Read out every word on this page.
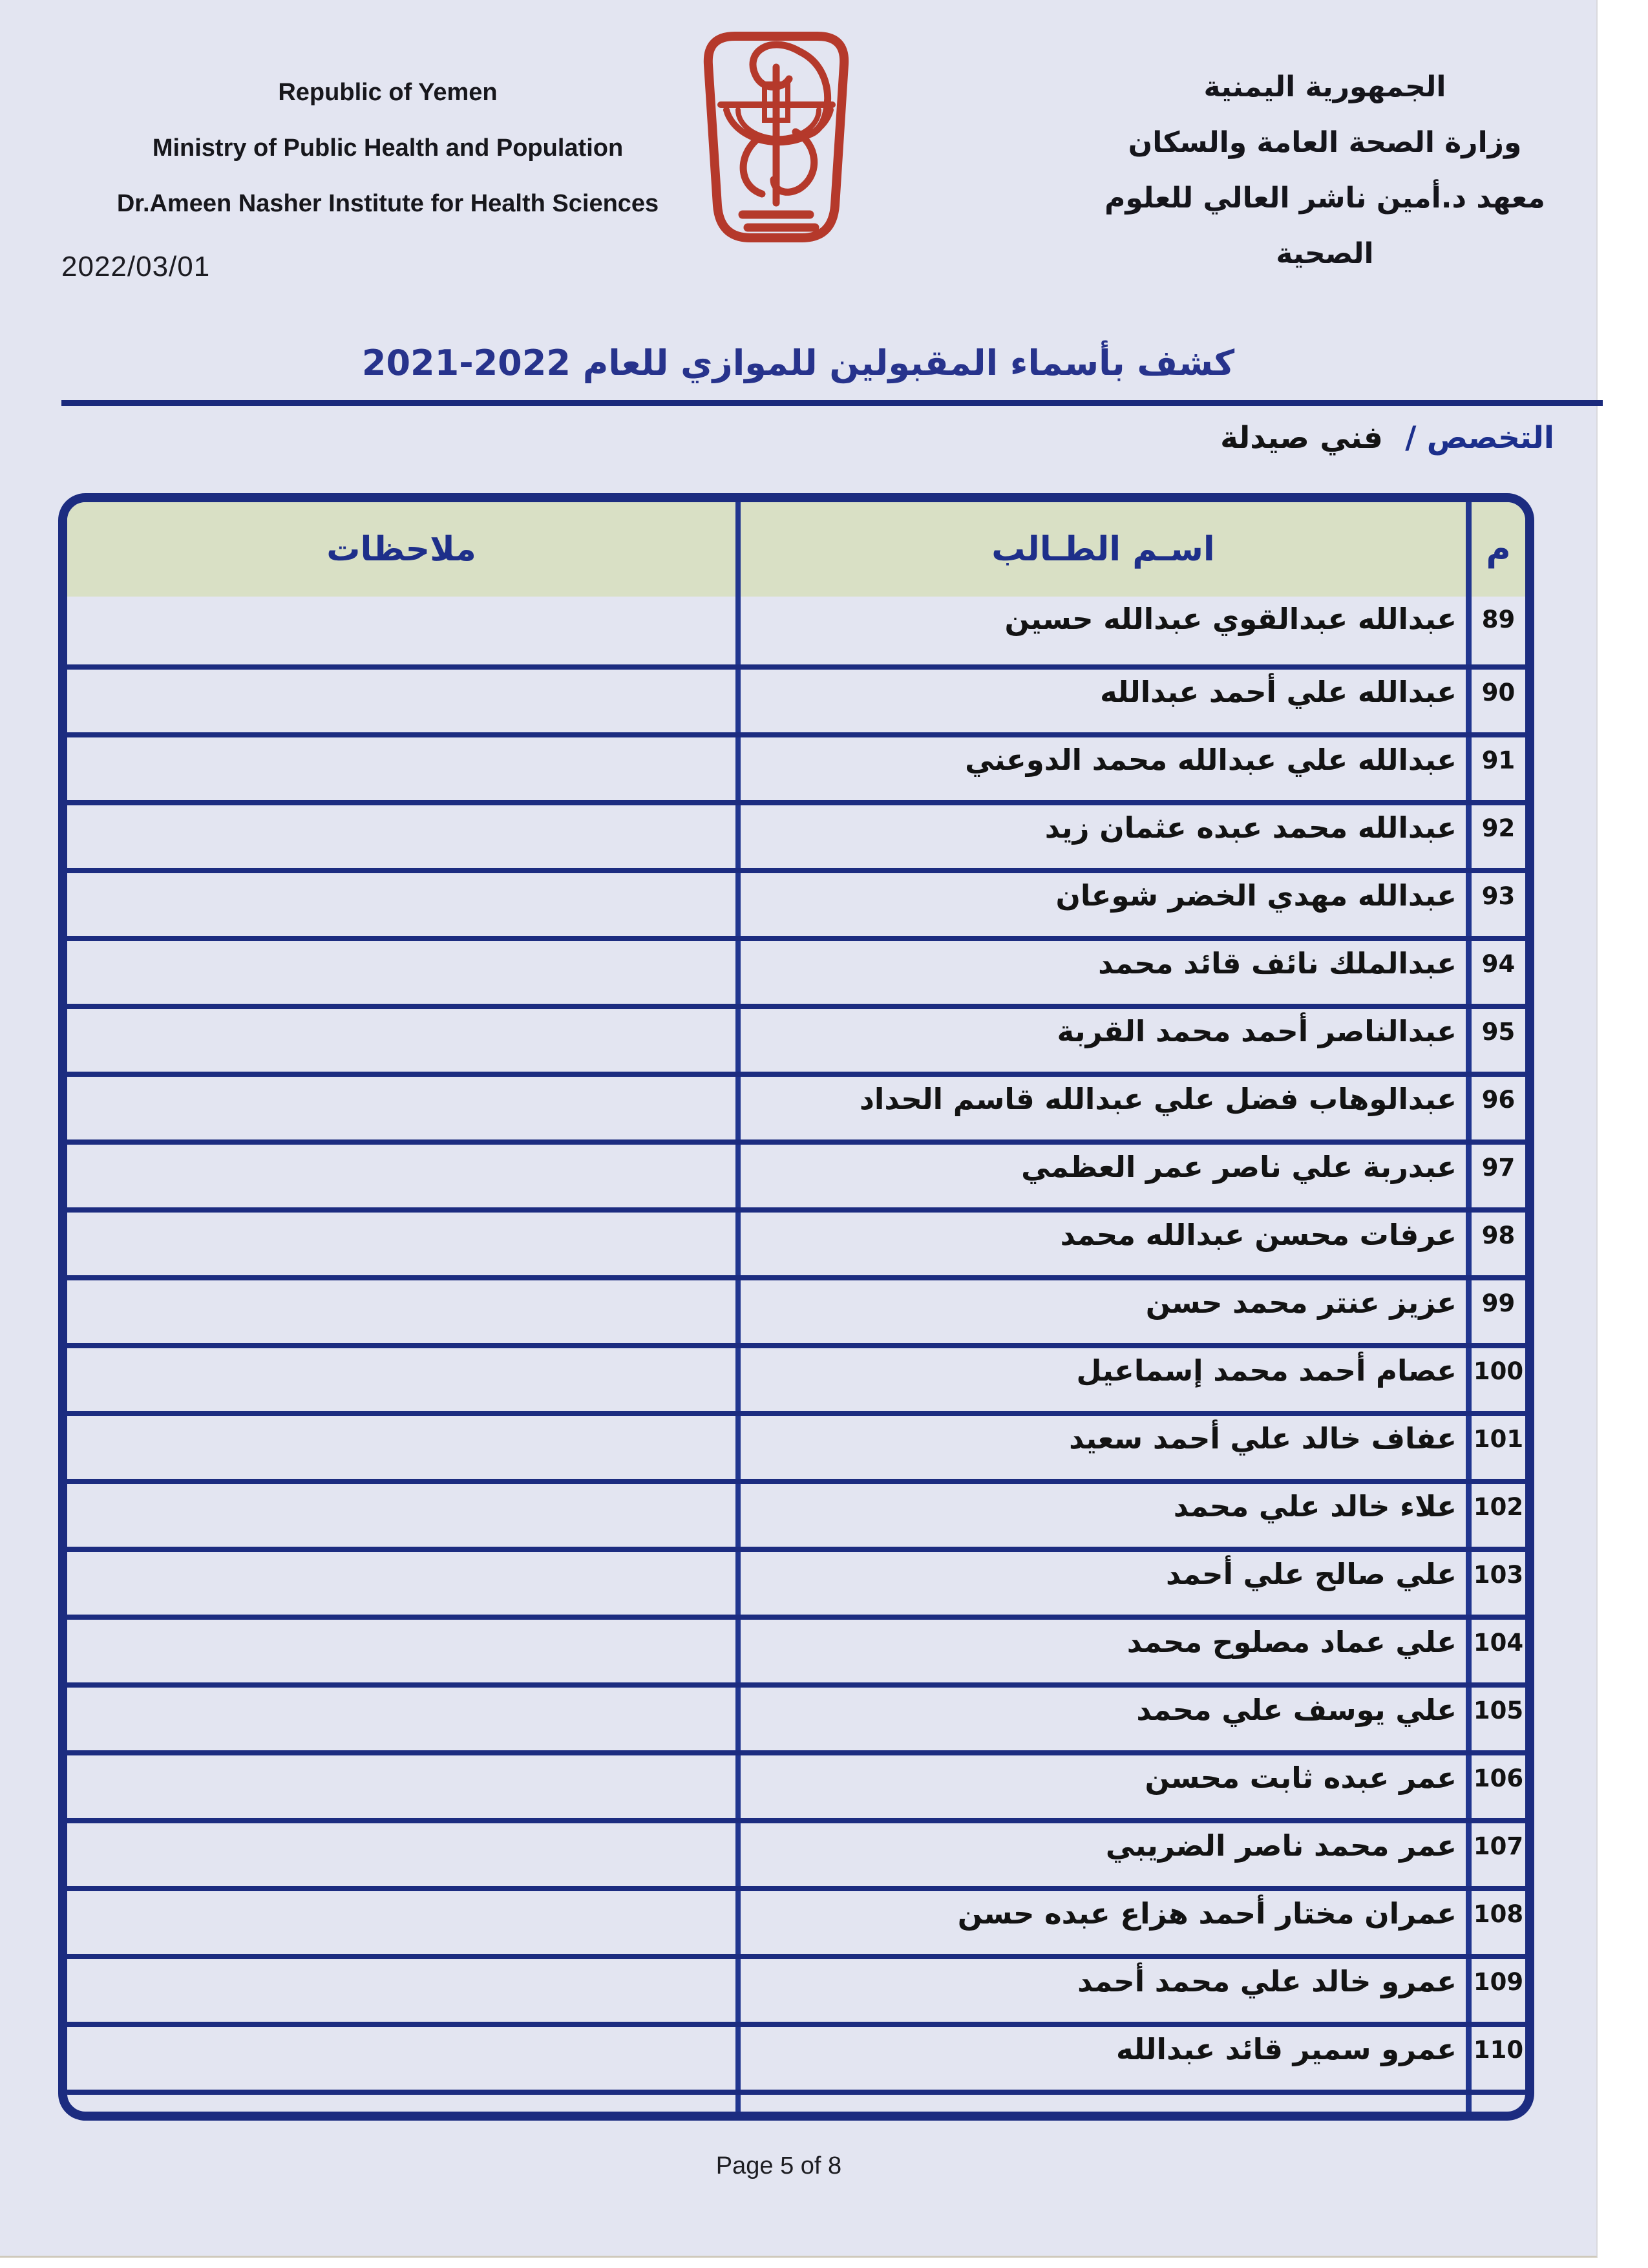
Republic of Yemen
Ministry of Public Health and Population
Dr.Ameen Nasher Institute for Health Sciences
الجمهورية اليمنية
وزارة الصحة العامة والسكان
معهد د.أمين ناشر العالي للعلوم الصحية
2022/03/01
كشف بأسماء المقبولين للموازي للعام 2022-2021
التخصص / فني صيدلة
م
اسـم الطـالب
ملاحظات
89
عبدالله عبدالقوي عبدالله حسين
90
عبدالله علي أحمد عبدالله
91
عبدالله علي عبدالله محمد الدوعني
92
عبدالله محمد عبده عثمان زيد
93
عبدالله مهدي الخضر شوعان
94
عبدالملك نائف قائد محمد
95
عبدالناصر أحمد محمد القربة
96
عبدالوهاب فضل علي عبدالله قاسم الحداد
97
عبدربة علي ناصر عمر العظمي
98
عرفات محسن عبدالله محمد
99
عزيز عنتر محمد حسن
100
عصام أحمد محمد إسماعيل
101
عفاف خالد علي أحمد سعيد
102
علاء خالد علي محمد
103
علي صالح علي أحمد
104
علي عماد مصلوح محمد
105
علي يوسف علي محمد
106
عمر عبده ثابت محسن
107
عمر محمد ناصر الضريبي
108
عمران مختار أحمد هزاع عبده حسن
109
عمرو خالد علي محمد أحمد
110
عمرو سمير قائد عبدالله
Page 5 of 8
